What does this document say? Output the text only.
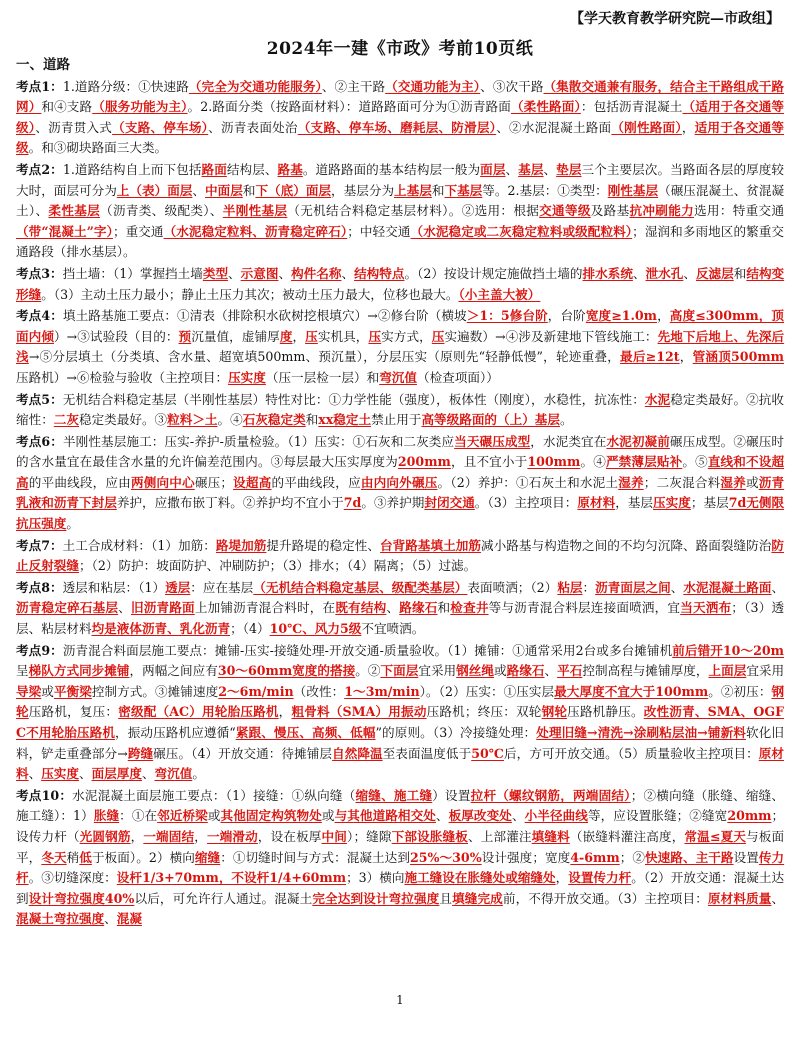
【学天教育教学研究院—市政组】
2024年一建《市政》考前10页纸
一、道路

考点1：1.道路分级：①快速路（完全为交通功能服务）、②主干路（交通功能为主）、③次干路（集散交通兼有服务，结合主干路组成干路网）和④支路（服务功能为主）。2.路面分类（按路面材料）：道路路面可分为①沥青路面（柔性路面）：包括沥青混凝土（适用于各交通等级）、沥青贯入式（支路、停车场）、沥青表面处治（支路、停车场、磨耗层、防滑层）、②水泥混凝土路面（刚性路面），适用于各交通等级。和③砌块路面三大类。

考点2：1.道路结构自上而下包括路面结构层、路基。道路路面的基本结构层一般为面层、基层、垫层三个主要层次。当路面各层的厚度较大时，面层可分为上（表）面层、中面层和下（底）面层，基层分为上基层和下基层等。2.基层：①类型：刚性基层（碾压混凝土、贫混凝土）、柔性基层（沥青类、级配类）、半刚性基层（无机结合料稳定基层材料）。②选用：根据交通等级及路基抗冲刷能力选用：特重交通（带“混凝土”字）；重交通（水泥稳定粒料、沥青稳定碎石）；中轻交通（水泥稳定或二灰稳定粒料或级配粒料）；湿润和多雨地区的繁重交通路段（排水基层）。

考点3：挡土墙：（1）掌握挡土墙类型、示意图、构件名称、结构特点。（2）按设计规定施做挡土墙的排水系统、泄水孔、反滤层和结构变形缝。（3）主动土压力最小；静止土压力其次；被动土压力最大，位移也最大。（小主盖大被）

考点4：填土路基施工要点：①清表（排除积水砍树挖根填穴）→②修台阶（横坡＞1：5修台阶，台阶宽度≥1.0m，高度≤300mm，顶面内倾）→③试验段（目的：预沉量值，虚铺厚度，压实机具，压实方式，压实遍数）→④涉及新建地下管线施工：先地下后地上、先深后浅→⑤分层填土（分类填、含水量、超宽填500mm、预沉量），分层压实（原则先“轻静低慢”，轮迹重叠，最后≥12t，管涵顶500mm压路机）→⑥检验与验收（主控项目：压实度（压一层检一层）和弯沉值（检查项面））

考点5：无机结合料稳定基层（半刚性基层）特性对比：①力学性能（强度），板体性（刚度），水稳性，抗冻性：水泥稳定类最好。②抗收缩性：二灰稳定类最好。③粒料＞土。④石灰稳定类和xx稳定土禁止用于高等级路面的（上）基层。

考点6：半刚性基层施工：压实-养护-质量检验。（1）压实：①石灰和二灰类应当天碾压成型，水泥类宜在水泥初凝前碾压成型。②碾压时的含水量宜在最佳含水量的允许偏差范围内。③每层最大压实厚度为200mm，且不宜小于100mm。④严禁薄层贴补。⑤直线和不设超高的平曲线段，应由两侧向中心碾压；设超高的平曲线段，应由内向外碾压。（2）养护：①石灰土和水泥土湿养；二灰混合料湿养或沥青乳液和沥青下封层养护，应撒布嵌丁料。②养护均不宜小于7d。③养护期封闭交通。（3）主控项目：原材料，基层压实度；基层7d无侧限抗压强度。

考点7：土工合成材料：（1）加筋：路堤加筋提升路堤的稳定性、台背路基填土加筋减小路基与构造物之间的不均匀沉降、路面裂缝防治防止反射裂缝；（2）防护：坡面防护、冲刷防护；（3）排水；（4）隔离；（5）过滤。

考点8：透层和粘层：（1）透层：应在基层（无机结合料稳定基层、级配类基层）表面喷洒；（2）粘层：沥青面层之间、水泥混凝土路面、沥青稳定碎石基层、旧沥青路面上加铺沥青混合料时，在既有结构、路缘石和检查井等与沥青混合料层连接面喷洒，宜当天洒布；（3）透层、粘层材料均是液体沥青、乳化沥青；（4）10℃、风力5级不宜喷洒。

考点9：沥青混合料面层施工要点：摊铺-压实-接缝处理-开放交通-质量验收。（1）摊铺：①通常采用2台或多台摊铺机前后错开10～20m呈梯队方式同步摊铺，两幅之间应有30～60mm宽度的搭接。②下面层宜采用钢丝绳或路缘石、平石控制高程与摊铺厚度，上面层宜采用导梁或平衡梁控制方式。③摊铺速度2～6m/min（改性：1～3m/min）。（2）压实：①压实层最大厚度不宜大于100mm。②初压：钢轮压路机，复压：密级配（AC）用轮胎压路机，粗骨料（SMA）用振动压路机；终压：双轮钢轮压路机静压。改性沥青、SMA、OGFC不用轮胎压路机，振动压路机应遵循“紧跟、慢压、高频、低幅”的原则。（3）冷接缝处理：处理旧缝→清洗→涂刷粘层油→铺新料软化旧料，铲走重叠部分→跨缝碾压。（4）开放交通：待摊铺层自然降温至表面温度低于50℃后，方可开放交通。（5）质量验收主控项目：原材料、压实度、面层厚度、弯沉值。

考点10：水泥混凝土面层施工要点：（1）接缝：①纵向缝（缩缝、施工缝）设置拉杆（螺纹钢筋，两端固结）；②横向缝（胀缝、缩缝、施工缝）：1）胀缝：①在邻近桥梁或其他固定构筑物处或与其他道路相交处、板厚改变处、小半径曲线等，应设置胀缝；②缝宽20mm；设传力杆（光圆钢筋，一端固结，一端滑动，设在板厚中间）；缝隙下部设胀缝板、上部灌注填缝料（嵌缝料灌注高度，常温≤夏天与板面平，冬天稍低于板面）。2）横向缩缝：①切缝时间与方式：混凝土达到25%～30%设计强度；宽度4-6mm；②快速路、主干路设置传力杆。③切缝深度：设杆1/3+70mm，不设杆1/4+60mm；3）横向施工缝设在胀缝处或缩缝处，设置传力杆。（2）开放交通：混凝土达到设计弯拉强度40%以后，可允许行人通过。混凝土完全达到设计弯拉强度且填缝完成前，不得开放交通。（3）主控项目：原材料质量、混凝土弯拉强度、混凝

1
